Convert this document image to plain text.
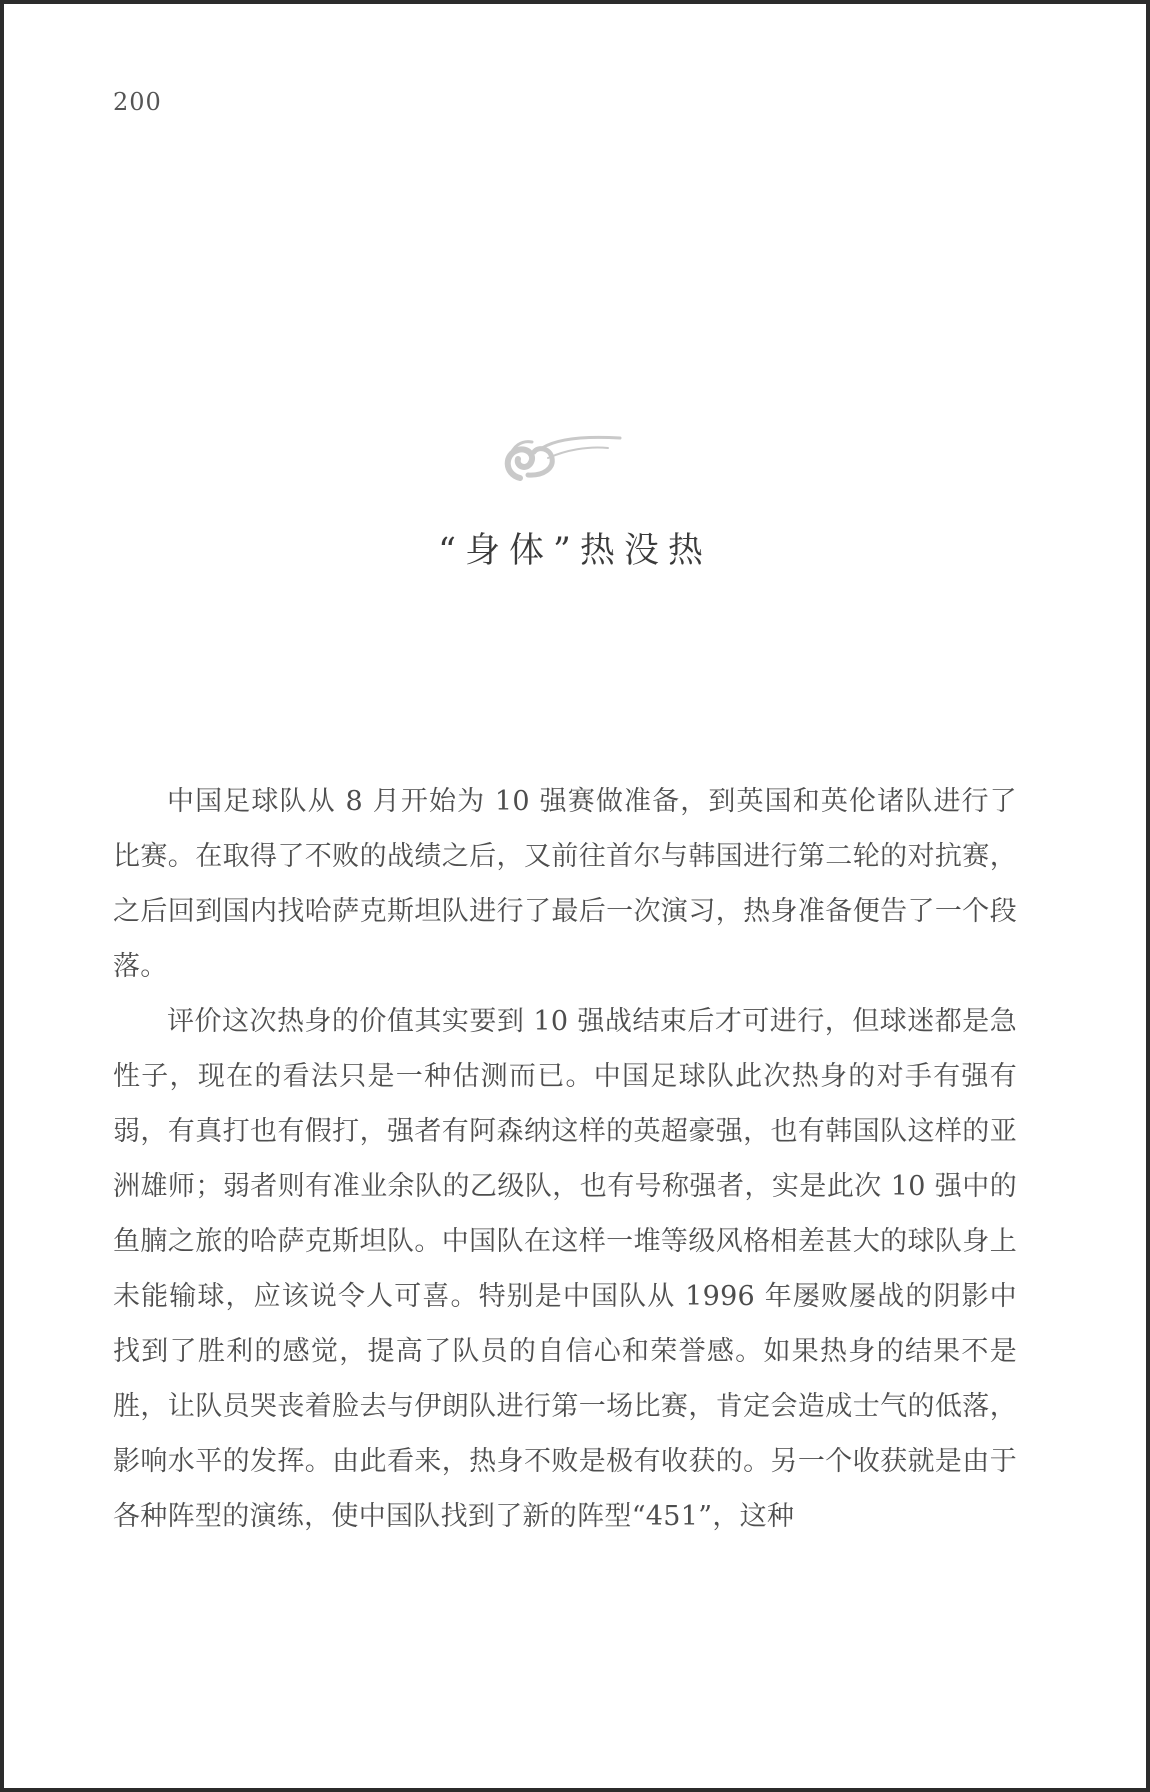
200
“身体”热没热

中国足球队从 8 月开始为 10 强赛做准备，到英国和英伦诸队进行了比赛。在取得了不败的战绩之后，又前往首尔与韩国进行第二轮的对抗赛，之后回到国内找哈萨克斯坦队进行了最后一次演习，热身准备便告了一个段落。

评价这次热身的价值其实要到 10 强战结束后才可进行，但球迷都是急性子，现在的看法只是一种估测而已。中国足球队此次热身的对手有强有弱，有真打也有假打，强者有阿森纳这样的英超豪强，也有韩国队这样的亚洲雄师；弱者则有准业余队的乙级队，也有号称强者，实是此次 10 强中的鱼腩之旅的哈萨克斯坦队。中国队在这样一堆等级风格相差甚大的球队身上未能输球，应该说令人可喜。特别是中国队从 1996 年屡败屡战的阴影中找到了胜利的感觉，提高了队员的自信心和荣誉感。如果热身的结果不是胜，让队员哭丧着脸去与伊朗队进行第一场比赛，肯定会造成士气的低落，影响水平的发挥。由此看来，热身不败是极有收获的。另一个收获就是由于各种阵型的演练，使中国队找到了新的阵型“451”，这种
